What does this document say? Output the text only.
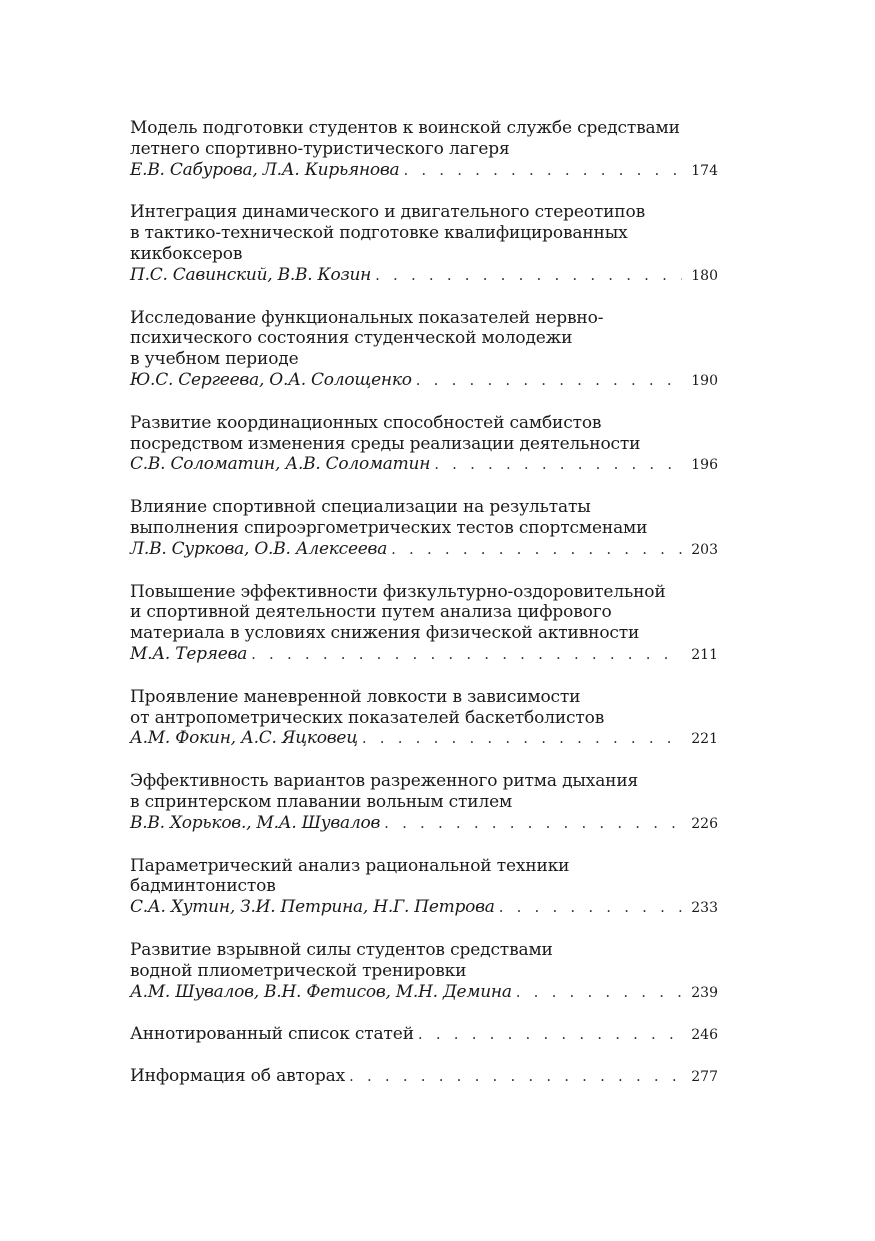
Модель подготовки студентов к воинской службе средствами
летнего спортивно-туристического лагеря
Е.В. Сабурова, Л.А. Кирьянова . . .	174
Интеграция динамического и двигательного стереотипов
в тактико-технической подготовке квалифицированных
кикбоксеров
П.С. Савинский, В.В. Козин . . .	180
Исследование функциональных показателей нервно-
психического состояния студенческой молодежи
в учебном периоде
Ю.С. Сергеева, О.А. Солощенко . . .	190
Развитие координационных способностей самбистов
посредством изменения среды реализации деятельности
С.В. Соломатин, А.В. Соломатин . . .	196
Влияние спортивной специализации на результаты
выполнения спироэргометрических тестов спортсменами
Л.В. Суркова, О.В. Алексеева . . .	203
Повышение эффективности физкультурно-оздоровительной
и спортивной деятельности путем анализа цифрового
материала в условиях снижения физической активности
М.А. Теряева . . .	211
Проявление маневренной ловкости в зависимости
от антропометрических показателей баскетболистов
А.М. Фокин, А.С. Яцковец . . .	221
Эффективность вариантов разреженного ритма дыхания
в спринтерском плавании вольным стилем
В.В. Хорьков., М.А. Шувалов . . .	226
Параметрический анализ рациональной техники
бадминтонистов
С.А. Хутин, З.И. Петрина, Н.Г. Петрова . . .	233
Развитие взрывной силы студентов средствами
водной плиометрической тренировки
А.М. Шувалов, В.Н. Фетисов, М.Н. Демина . . .	239
Аннотированный список статей . . .	246
Информация об авторах . . .	277
